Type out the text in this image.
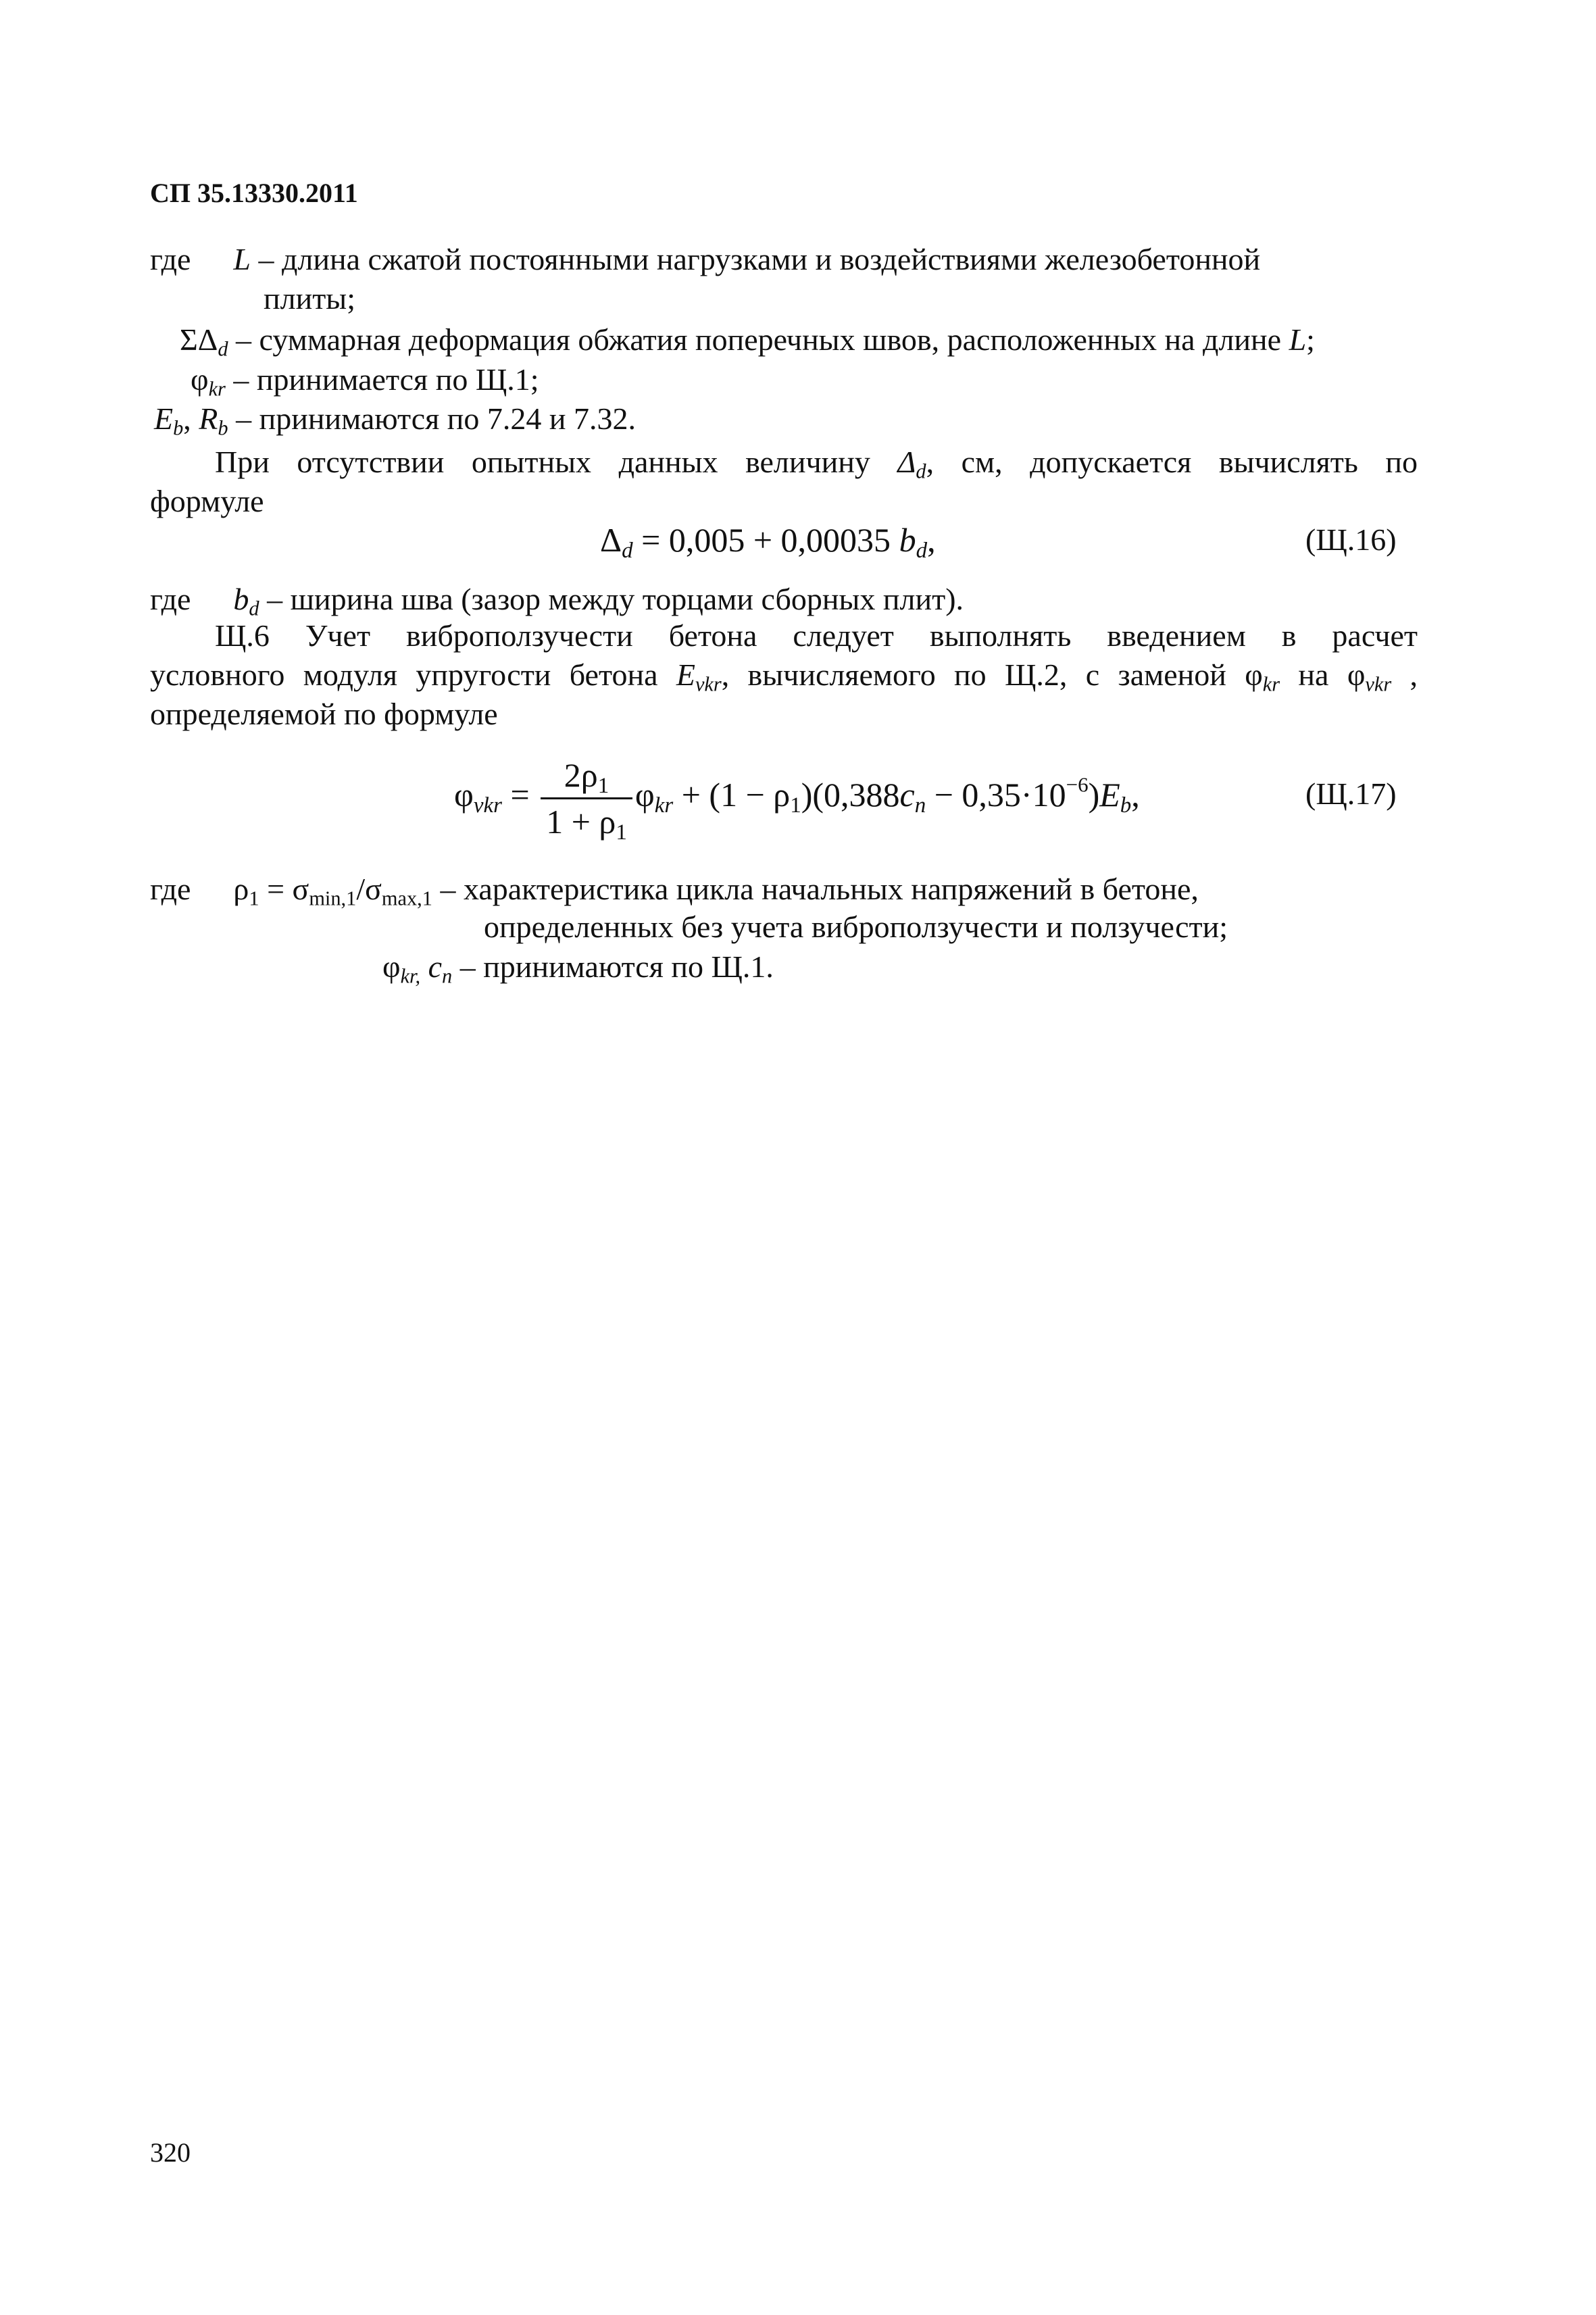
СП 35.13330.2011
где L – длина сжатой постоянными нагрузками и воздействиями железобетонной
плиты;
$\Sigma\Delta_d$ – суммарная деформация обжатия поперечных швов, расположенных на длине L;
$\varphi_{kr}$ – принимается по Щ.1;
$E_b$, $R_b$ – принимаются по 7.24 и 7.32.
При отсутствии опытных данных величину $\Delta_d$, см, допускается вычислять по
формуле
$\Delta_d = 0,005 + 0,00035$ $b_d$,	(Щ.16)
где $b_d$ – ширина шва (зазор между торцами сборных плит).
Щ.6 Учет виброползучести бетона следует выполнять введением в расчет
условного модуля упругости бетона $E_{vkr}$, вычисляемого по Щ.2, с заменой $\varphi_{kr}$ на $\varphi_{vkr}$ ,
определяемой по формуле
$\varphi_{vkr} = \frac{2\rho_1}{1 + \rho_1} \varphi_{kr} + (1 - \rho_1)(0,388c_n - 0,35\cdot 10^{-6})E_b$,	(Щ.17)
где $\rho_1 = \sigma_{min,1}/\sigma_{max,1}$ – характеристика цикла начальных напряжений в бетоне,
определенных без учета виброползучести и ползучести;
$\varphi_{kr,}$ $c_n$ – принимаются по Щ.1.
320
